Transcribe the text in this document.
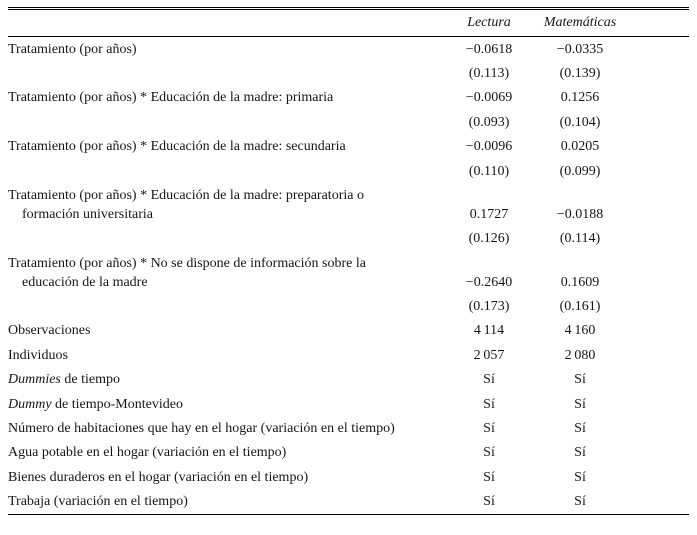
	Lectura	Matemáticas	

Tratamiento (por años)	−0.0618	−0.0335	
	(0.113)	(0.139)	

Tratamiento (por años) * Educación de la madre: primaria	−0.0069	0.1256	
	(0.093)	(0.104)	

Tratamiento (por años) * Educación de la madre: secundaria	−0.0096	0.0205	
	(0.110)	(0.099)	

Tratamiento (por años) * Educación de la madre: preparatoria o
formación universitaria	0.1727	−0.0188	
	(0.126)	(0.114)	

Tratamiento (por años) * No se dispone de información sobre la
educación de la madre	−0.2640	0.1609	
	(0.173)	(0.161)	

Observaciones	4 114	4 160	

Individuos	2 057	2 080	

Dummies de tiempo	Sí	Sí	

Dummy de tiempo-Montevideo	Sí	Sí	

Número de habitaciones que hay en el hogar (variación en el tiempo)	Sí	Sí	

Agua potable en el hogar (variación en el tiempo)	Sí	Sí	

Bienes duraderos en el hogar (variación en el tiempo)	Sí	Sí	

Trabaja (variación en el tiempo)	Sí	Sí	
